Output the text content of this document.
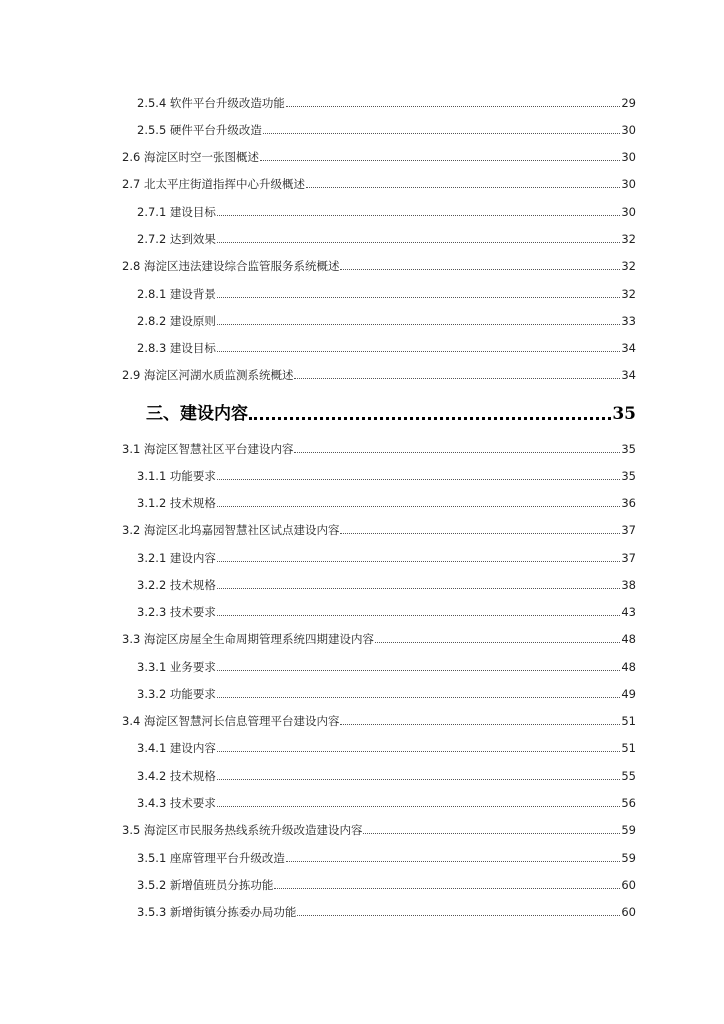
2.5.4 软件平台升级改造功能	29
2.5.5 硬件平台升级改造	30
2.6 海淀区时空一张图概述	30
2.7 北太平庄街道指挥中心升级概述	30
2.7.1 建设目标	30
2.7.2 达到效果	32
2.8 海淀区违法建设综合监管服务系统概述	32
2.8.1 建设背景	32
2.8.2 建设原则	33
2.8.3 建设目标	34
2.9 海淀区河湖水质监测系统概述	34
三、建设内容	35
3.1 海淀区智慧社区平台建设内容	35
3.1.1 功能要求	35
3.1.2 技术规格	36
3.2 海淀区北坞嘉园智慧社区试点建设内容	37
3.2.1 建设内容	37
3.2.2 技术规格	38
3.2.3 技术要求	43
3.3 海淀区房屋全生命周期管理系统四期建设内容	48
3.3.1 业务要求	48
3.3.2 功能要求	49
3.4 海淀区智慧河长信息管理平台建设内容	51
3.4.1 建设内容	51
3.4.2 技术规格	55
3.4.3 技术要求	56
3.5 海淀区市民服务热线系统升级改造建设内容	59
3.5.1 座席管理平台升级改造	59
3.5.2 新增值班员分拣功能	60
3.5.3 新增街镇分拣委办局功能	60
